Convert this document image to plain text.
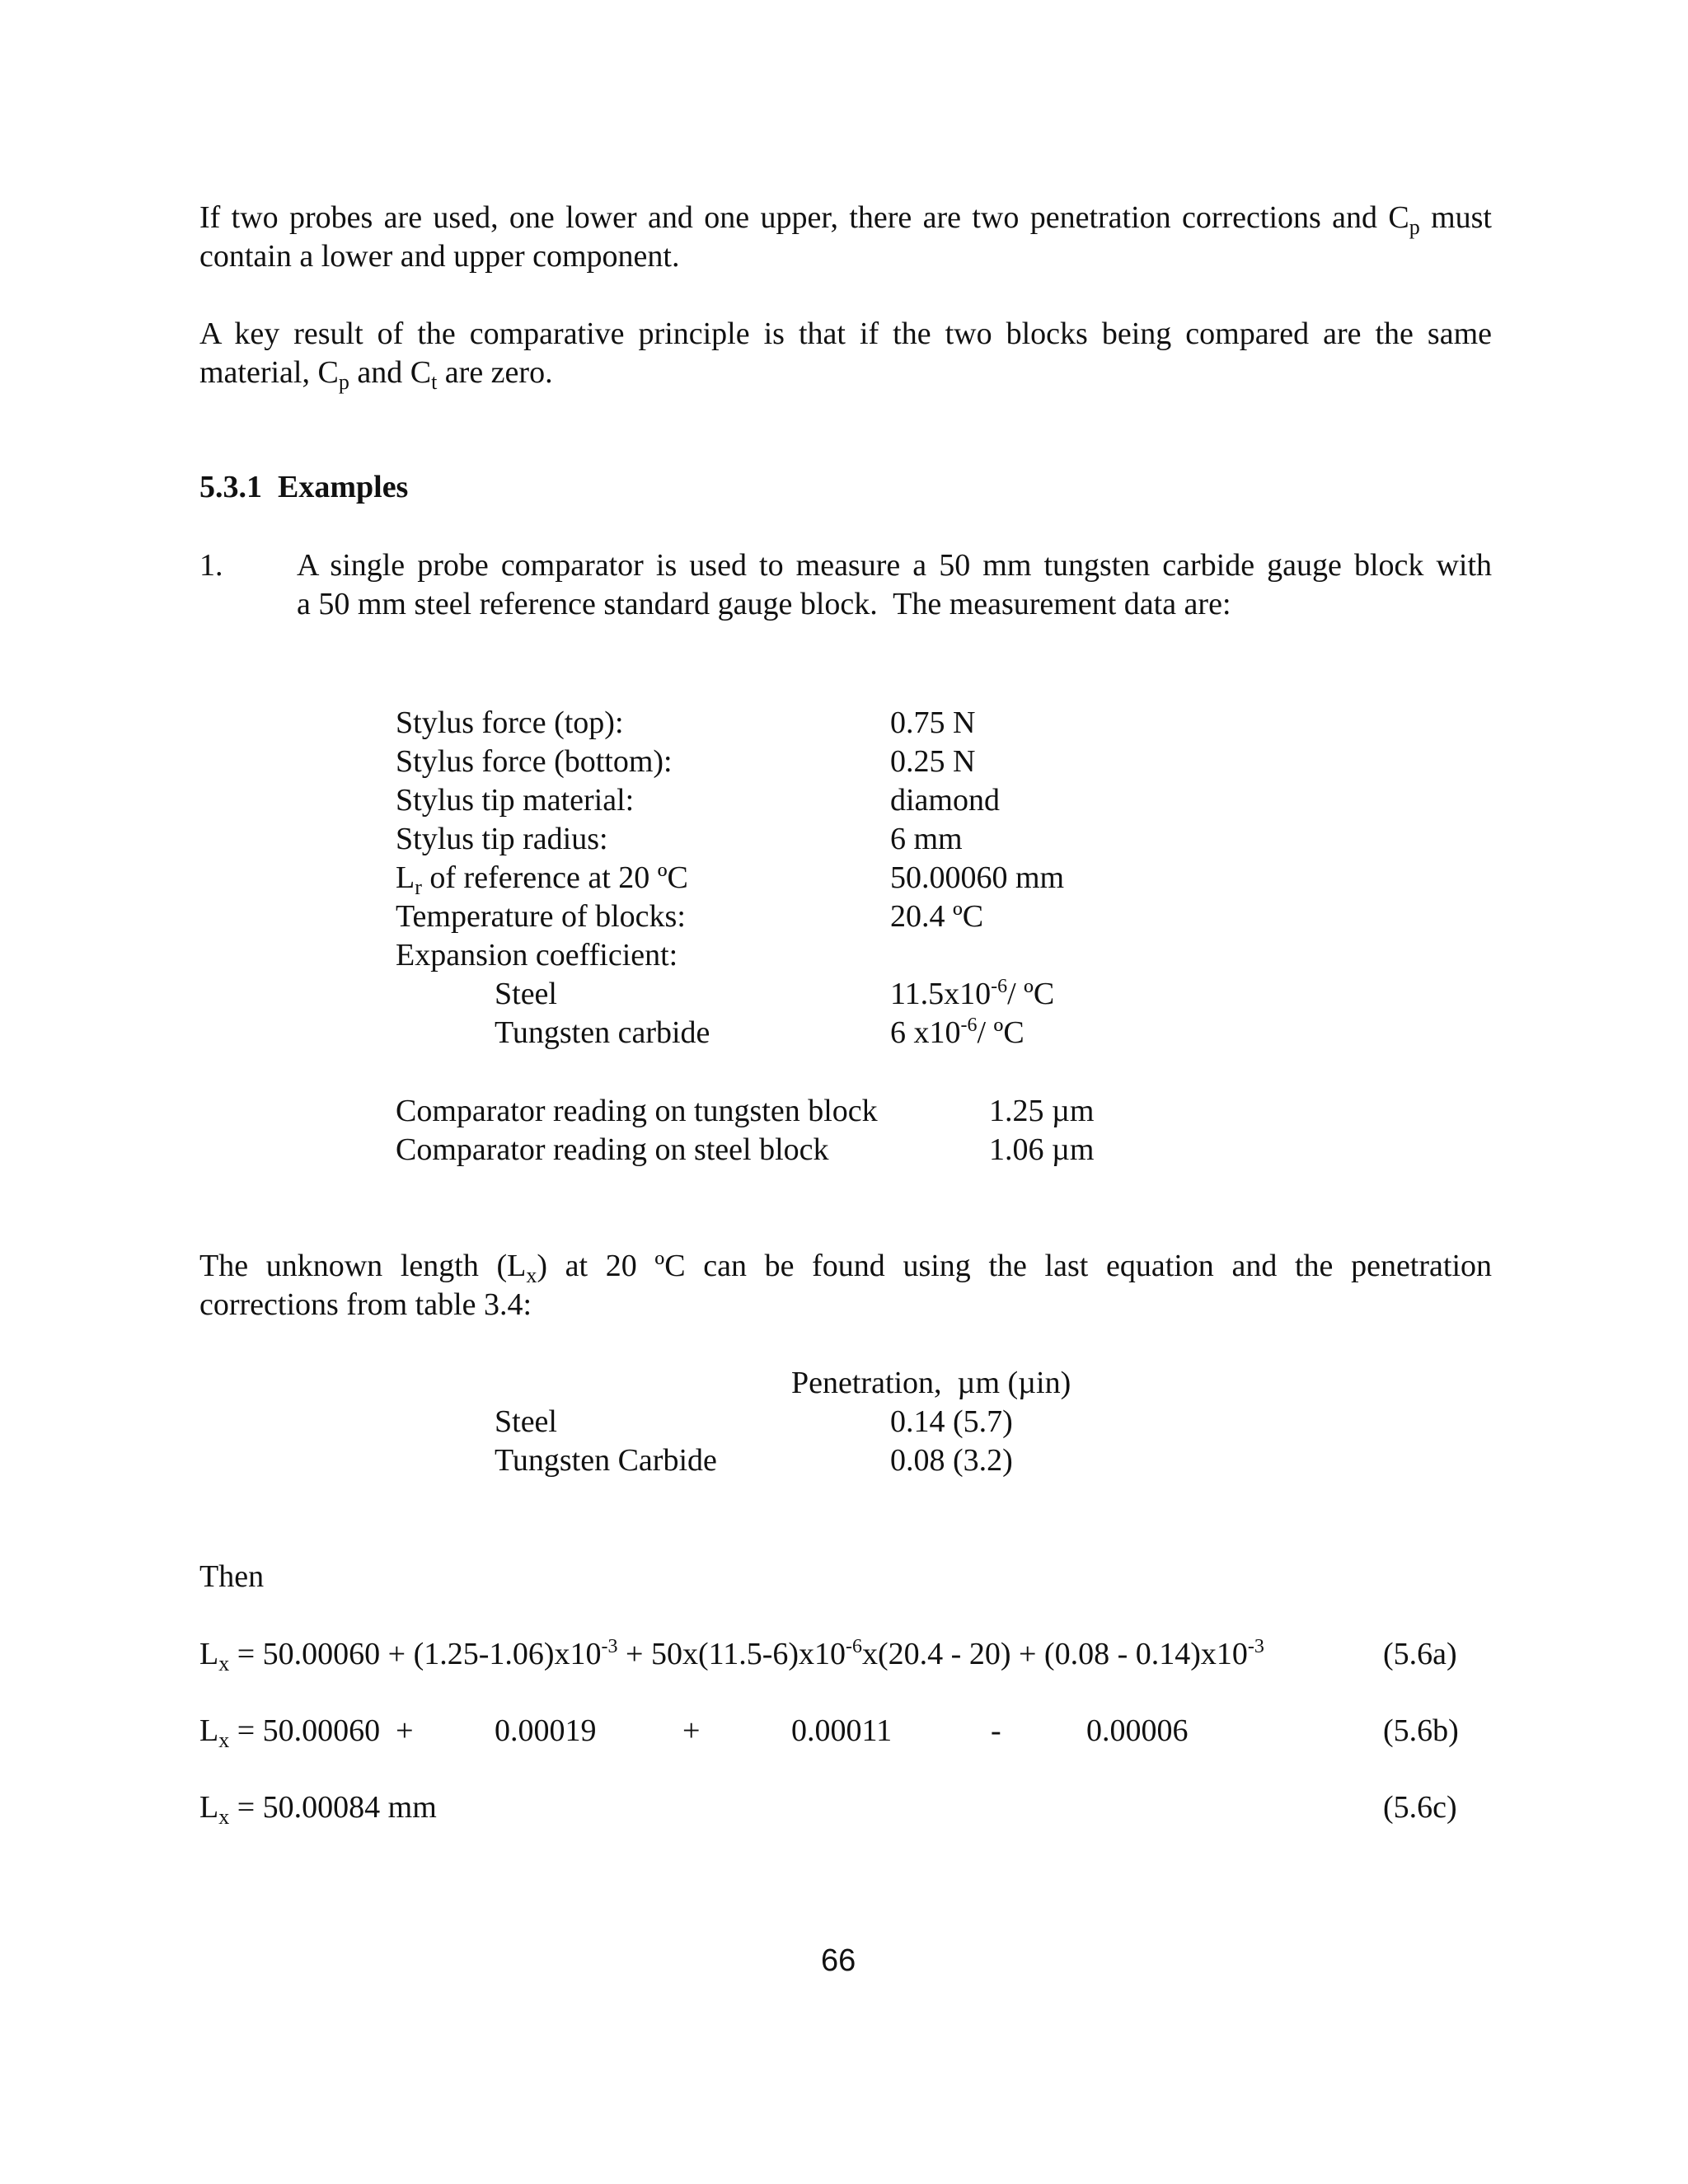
If two probes are used, one lower and one upper, there are two penetration corrections and $C_p$ must
contain a lower and upper component.
A key result of the comparative principle is that if the two blocks being compared are the same
material, $C_p$ and $C_t$ are zero.
5.3.1  Examples
1. A single probe comparator is used to measure a 50 mm tungsten carbide gauge block with
a 50 mm steel reference standard gauge block.  The measurement data are:
Stylus force (top):	0.75 N
Stylus force (bottom):	0.25 N
Stylus tip material:	diamond
Stylus tip radius:	6 mm
$L_r$ of reference at 20 ºC	50.00060 mm
Temperature of blocks:	20.4 ºC
Expansion coefficient:
Steel	$11.5x10^{-6}/$ ºC
Tungsten carbide	6 $x10^{-6}/$ ºC
Comparator reading on tungsten block	1.25 µm
Comparator reading on steel block	1.06 µm
The unknown length $(L_x)$ at 20 ºC can be found using the last equation and the penetration
corrections from table 3.4:
Penetration,  µm (µin)
Steel	0.14 (5.7)
Tungsten Carbide	0.08 (3.2)
Then
$L_x = 50.00060 + (1.25-1.06)x10^{-3} + 50x(11.5-6)x10^{-6}x(20.4 - 20) + (0.08 - 0.14)x10^{-3}$	(5.6a)
$L_x = 50.00060$  +	0.00019	+	0.00011	-	0.00006	(5.6b)
$L_x = 50.00084$ mm	(5.6c)
66
